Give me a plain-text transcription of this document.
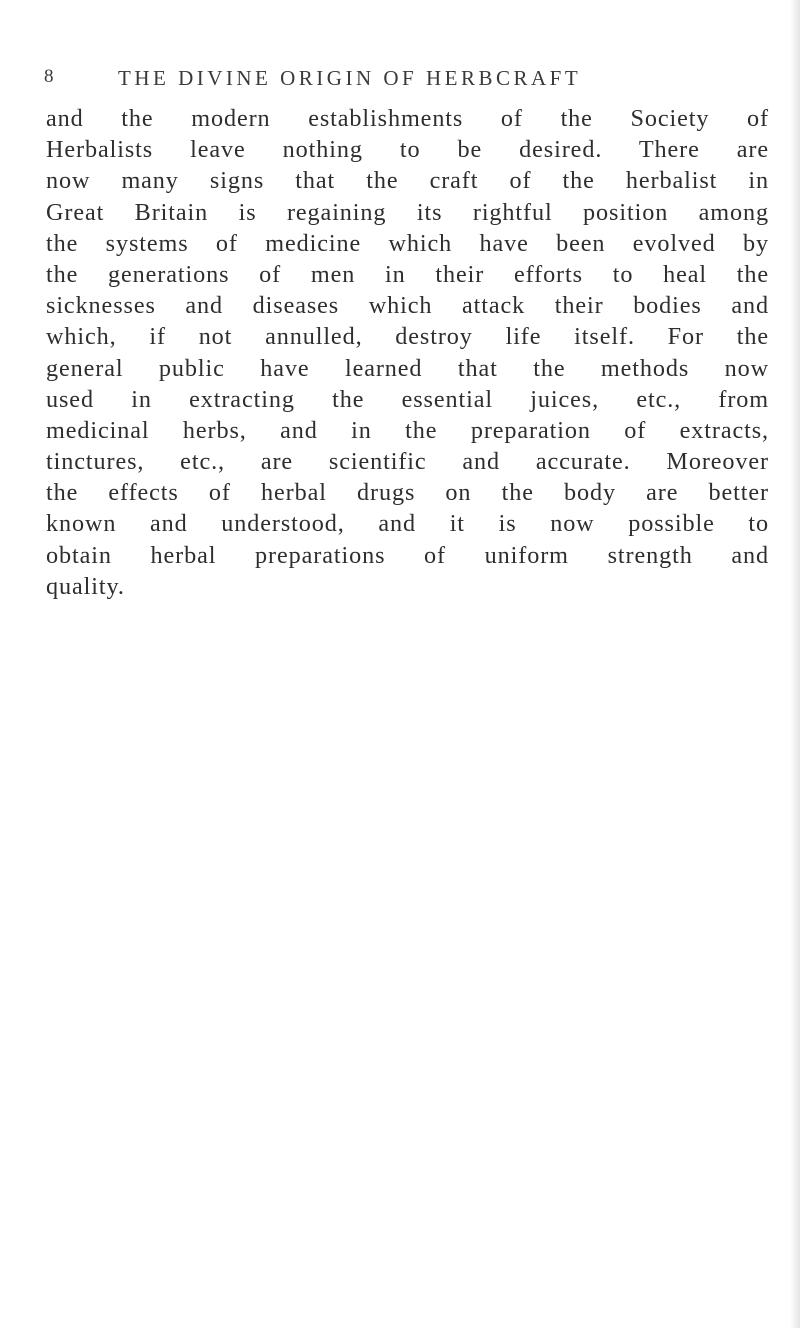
8	THE DIVINE ORIGIN OF HERBCRAFT
and the modern establishments of the Society of
Herbalists leave nothing to be desired. There are
now many signs that the craft of the herbalist in
Great Britain is regaining its rightful position among
the systems of medicine which have been evolved by
the generations of men in their efforts to heal the
sicknesses and diseases which attack their bodies and
which, if not annulled, destroy life itself. For the
general public have learned that the methods now
used in extracting the essential juices, etc., from
medicinal herbs, and in the preparation of extracts,
tinctures, etc., are scientific and accurate. Moreover
the effects of herbal drugs on the body are better
known and understood, and it is now possible to
obtain herbal preparations of uniform strength and
quality.
